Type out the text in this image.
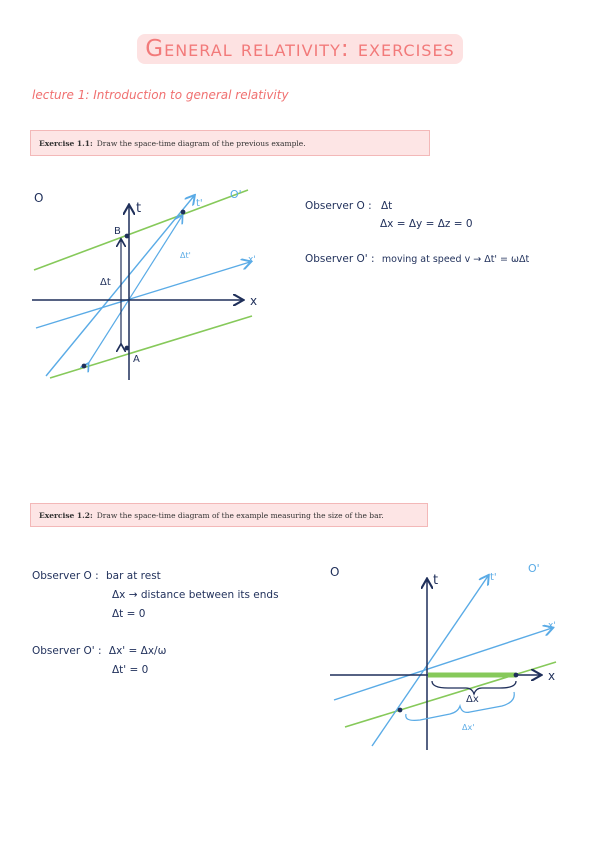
General relativity: exercises
lecture 1: Introduction to general relativity
Exercise 1.1: Draw the space-time diagram of the previous example.
O	O'
t	t'
x
x'
Δt
Δt'
B
A
Observer O : Δt
Δx = Δy = Δz = 0
Observer O' : moving at speed v → Δt' = ωΔt
Exercise 1.2: Draw the space-time diagram of the example measuring the size of the bar.
Observer O : bar at rest
Δx → distance between its ends
Δt = 0
Observer O' : Δx' = Δx/ω
Δt' = 0
O	O'
t	t'
x
x'
Δx
Δx'
